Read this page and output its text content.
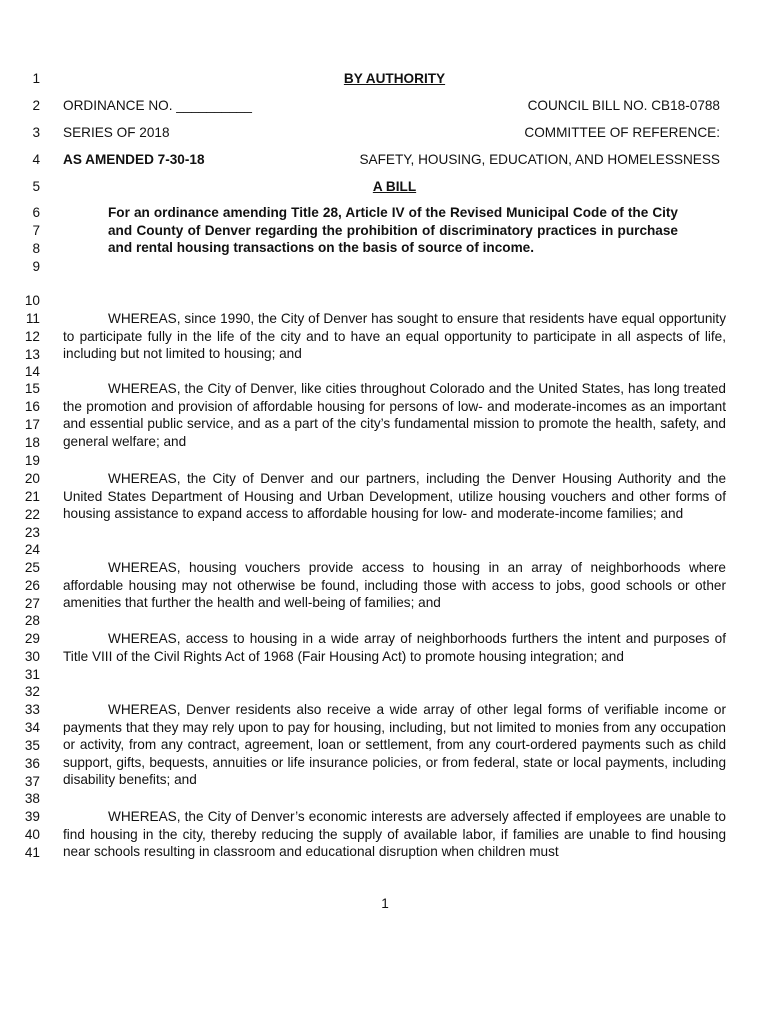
1
2
3
4
5
6
7
8
9
10
11
12
13
14
15
16
17
18
19
20
21
22
23
24
25
26
27
28
29
30
31
32
33
34
35
36
37
38
39
40
41
BY AUTHORITY
ORDINANCE NO. __________	COUNCIL BILL NO. CB18-0788
SERIES OF 2018	COMMITTEE OF REFERENCE:
AS AMENDED 7-30-18	SAFETY, HOUSING, EDUCATION, AND HOMELESSNESS
A BILL
For an ordinance amending Title 28, Article IV of the Revised Municipal Code of the City and County of Denver regarding the prohibition of discriminatory practices in purchase and rental housing transactions on the basis of source of income.
WHEREAS, since 1990, the City of Denver has sought to ensure that residents have equal opportunity to participate fully in the life of the city and to have an equal opportunity to participate in all aspects of life, including but not limited to housing; and
WHEREAS, the City of Denver, like cities throughout Colorado and the United States, has long treated the promotion and provision of affordable housing for persons of low- and moderate-incomes as an important and essential public service, and as a part of the city’s fundamental mission to promote the health, safety, and general welfare; and
WHEREAS, the City of Denver and our partners, including the Denver Housing Authority and the United States Department of Housing and Urban Development, utilize housing vouchers and other forms of housing assistance to expand access to affordable housing for low- and moderate-income families; and
WHEREAS, housing vouchers provide access to housing in an array of neighborhoods where affordable housing may not otherwise be found, including those with access to jobs, good schools or other amenities that further the health and well-being of families; and
WHEREAS, access to housing in a wide array of neighborhoods furthers the intent and purposes of Title VIII of the Civil Rights Act of 1968 (Fair Housing Act) to promote housing integration; and
WHEREAS, Denver residents also receive a wide array of other legal forms of verifiable income or payments that they may rely upon to pay for housing, including, but not limited to monies from any occupation or activity, from any contract, agreement, loan or settlement, from any court-ordered payments such as child support, gifts, bequests, annuities or life insurance policies, or from federal, state or local payments, including disability benefits; and
WHEREAS, the City of Denver’s economic interests are adversely affected if employees are unable to find housing in the city, thereby reducing the supply of available labor, if families are unable to find housing near schools resulting in classroom and educational disruption when children must
1
